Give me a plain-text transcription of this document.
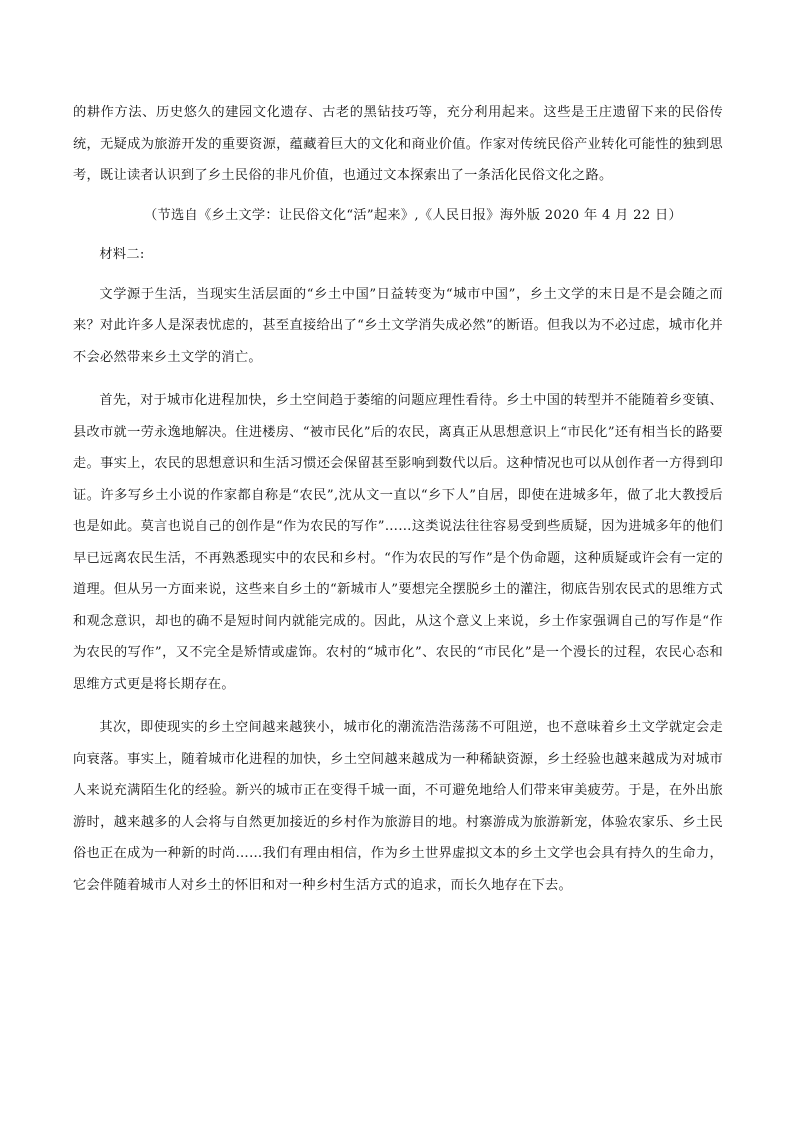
的耕作方法、历史悠久的建园文化遗存、古老的黑钻技巧等，充分利用起来。这些是王庄遗留下来的民俗传统，无疑成为旅游开发的重要资源，蕴藏着巨大的文化和商业价值。作家对传统民俗产业转化可能性的独到思考，既让读者认识到了乡土民俗的非凡价值，也通过文本探索出了一条活化民俗文化之路。

（节选自《乡土文学：让民俗文化“活”起来》,《人民日报》海外版 2020 年 4 月 22 日）

材料二:

文学源于生活，当现实生活层面的“乡土中国”日益转变为“城市中国”，乡土文学的末日是不是会随之而来？对此许多人是深表忧虑的，甚至直接给出了“乡土文学消失成必然”的断语。但我以为不必过虑，城市化并不会必然带来乡土文学的消亡。

首先，对于城市化进程加快，乡土空间趋于萎缩的问题应理性看待。乡土中国的转型并不能随着乡变镇、县改市就一劳永逸地解决。住进楼房、“被市民化”后的农民，离真正从思想意识上“市民化”还有相当长的路要走。事实上，农民的思想意识和生活习惯还会保留甚至影响到数代以后。这种情况也可以从创作者一方得到印证。许多写乡土小说的作家都自称是“农民”,沈从文一直以“乡下人”自居，即使在进城多年，做了北大教授后也是如此。莫言也说自己的创作是“作为农民的写作”……这类说法往往容易受到些质疑，因为进城多年的他们早已远离农民生活，不再熟悉现实中的农民和乡村。“作为农民的写作”是个伪命题，这种质疑或许会有一定的道理。但从另一方面来说，这些来自乡土的“新城市人”要想完全摆脱乡土的灌注，彻底告别农民式的思维方式和观念意识，却也的确不是短时间内就能完成的。因此，从这个意义上来说，乡土作家强调自己的写作是“作为农民的写作”，又不完全是矫情或虚饰。农村的“城市化”、农民的“市民化”是一个漫长的过程，农民心态和思维方式更是将长期存在。

其次，即使现实的乡土空间越来越狭小，城市化的潮流浩浩荡荡不可阻逆，也不意味着乡土文学就定会走向衰落。事实上，随着城市化进程的加快，乡土空间越来越成为一种稀缺资源，乡土经验也越来越成为对城市人来说充满陌生化的经验。新兴的城市正在变得千城一面，不可避免地给人们带来审美疲劳。于是，在外出旅游时，越来越多的人会将与自然更加接近的乡村作为旅游目的地。村寨游成为旅游新宠，体验农家乐、乡土民俗也正在成为一种新的时尚……我们有理由相信，作为乡土世界虚拟文本的乡土文学也会具有持久的生命力，它会伴随着城市人对乡土的怀旧和对一种乡村生活方式的追求，而长久地存在下去。
